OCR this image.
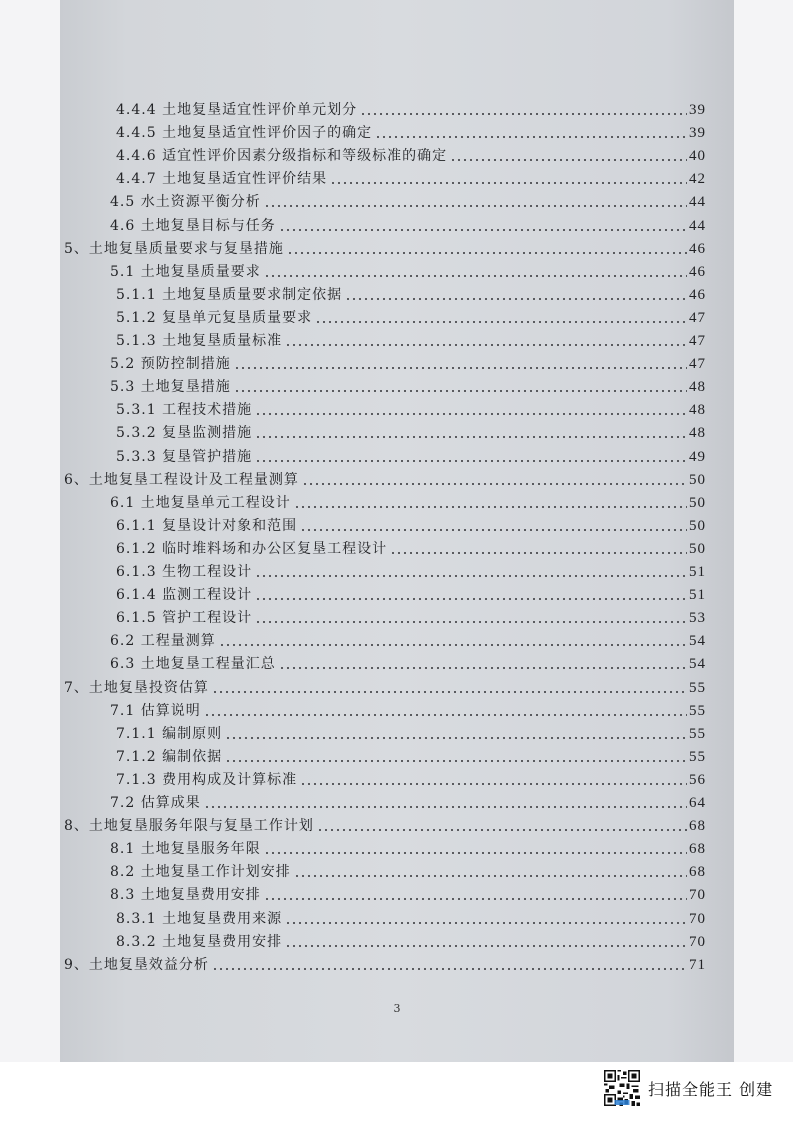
4.4.4 土地复垦适宜性评价单元划分	39
4.4.5 土地复垦适宜性评价因子的确定	39
4.4.6 适宜性评价因素分级指标和等级标准的确定	40
4.4.7 土地复垦适宜性评价结果	42
4.5 水土资源平衡分析	44
4.6 土地复垦目标与任务	44
5、土地复垦质量要求与复垦措施	46
5.1 土地复垦质量要求	46
5.1.1 土地复垦质量要求制定依据	46
5.1.2 复垦单元复垦质量要求	47
5.1.3 土地复垦质量标准	47
5.2 预防控制措施	47
5.3 土地复垦措施	48
5.3.1 工程技术措施	48
5.3.2 复垦监测措施	48
5.3.3 复垦管护措施	49
6、土地复垦工程设计及工程量测算	50
6.1 土地复垦单元工程设计	50
6.1.1 复垦设计对象和范围	50
6.1.2 临时堆料场和办公区复垦工程设计	50
6.1.3 生物工程设计	51
6.1.4 监测工程设计	51
6.1.5 管护工程设计	53
6.2 工程量测算	54
6.3 土地复垦工程量汇总	54
7、土地复垦投资估算	55
7.1 估算说明	55
7.1.1 编制原则	55
7.1.2 编制依据	55
7.1.3 费用构成及计算标准	56
7.2 估算成果	64
8、土地复垦服务年限与复垦工作计划	68
8.1 土地复垦服务年限	68
8.2 土地复垦工作计划安排	68
8.3 土地复垦费用安排	70
8.3.1 土地复垦费用来源	70
8.3.2 土地复垦费用安排	70
9、土地复垦效益分析	71
3
扫描全能王 创建
